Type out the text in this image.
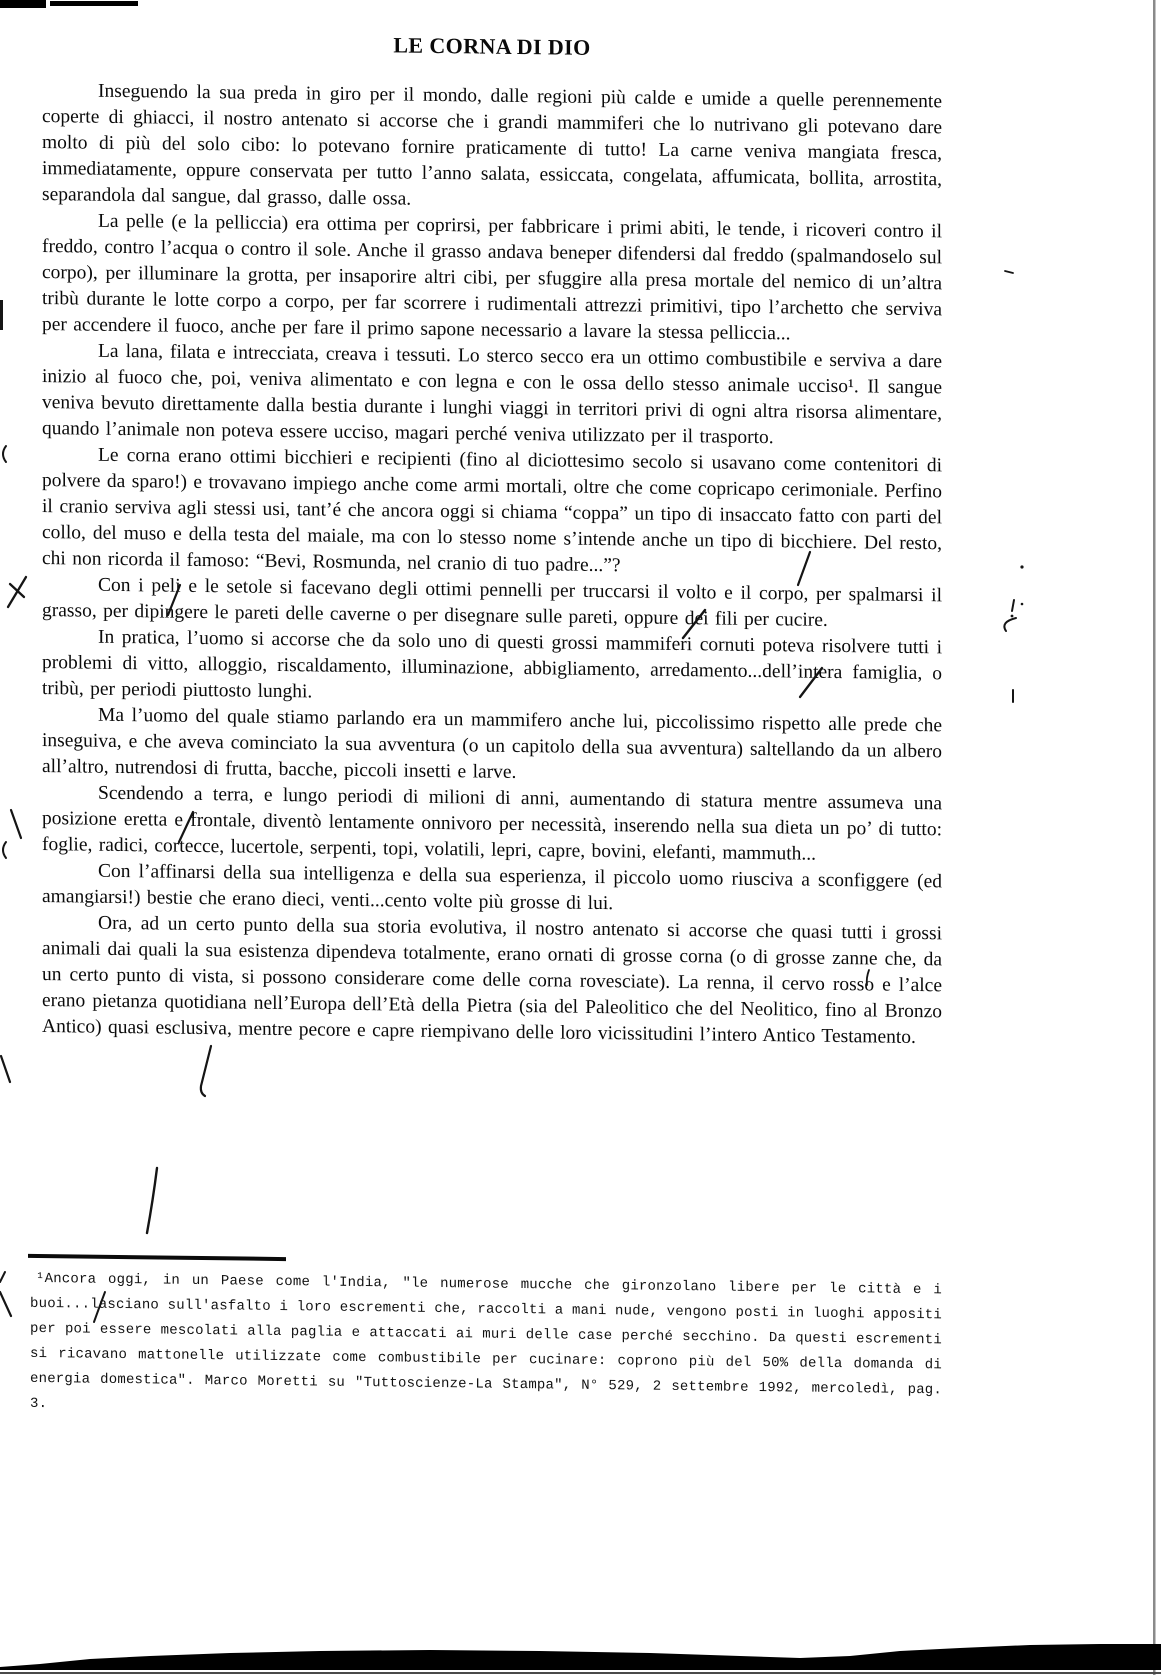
LE CORNA DI DIO

Inseguendo la sua preda in giro per il mondo, dalle regioni più calde e umide a quelle perennemente coperte di ghiacci, il nostro antenato si accorse che i grandi mammiferi che lo nutrivano gli potevano dare molto di più del solo cibo: lo potevano fornire praticamente di tutto! La carne veniva mangiata fresca, immediatamente, oppure conservata per tutto l’anno salata, essiccata, congelata, affumicata, bollita, arrostita, separandola dal sangue, dal grasso, dalle ossa.

La pelle (e la pelliccia) era ottima per coprirsi, per fabbricare i primi abiti, le tende, i ricoveri contro il freddo, contro l’acqua o contro il sole. Anche il grasso andava beneper difendersi dal freddo (spalmandoselo sul corpo), per illuminare la grotta, per insaporire altri cibi, per sfuggire alla presa mortale del nemico di un’altra tribù durante le lotte corpo a corpo, per far scorrere i rudimentali attrezzi primitivi, tipo l’archetto che serviva per accendere il fuoco, anche per fare il primo sapone necessario a lavare la stessa pelliccia...

La lana, filata e intrecciata, creava i tessuti. Lo sterco secco era un ottimo combustibile e serviva a dare inizio al fuoco che, poi, veniva alimentato e con legna e con le ossa dello stesso animale ucciso¹. Il sangue veniva bevuto direttamente dalla bestia durante i lunghi viaggi in territori privi di ogni altra risorsa alimentare, quando l’animale non poteva essere ucciso, magari perché veniva utilizzato per il trasporto.

Le corna erano ottimi bicchieri e recipienti (fino al diciottesimo secolo si usavano come contenitori di polvere da sparo!) e trovavano impiego anche come armi mortali, oltre che come copricapo cerimoniale. Perfino il cranio serviva agli stessi usi, tant’é che ancora oggi si chiama “coppa” un tipo di insaccato fatto con parti del collo, del muso e della testa del maiale, ma con lo stesso nome s’intende anche un tipo di bicchiere. Del resto, chi non ricorda il famoso: “Bevi, Rosmunda, nel cranio di tuo padre...”?

Con i peli e le setole si facevano degli ottimi pennelli per truccarsi il volto e il corpo, per spalmarsi il grasso, per dipingere le pareti delle caverne o per disegnare sulle pareti, oppure dei fili per cucire.

In pratica, l’uomo si accorse che da solo uno di questi grossi mammiferi cornuti poteva risolvere tutti i problemi di vitto, alloggio, riscaldamento, illuminazione, abbigliamento, arredamento...dell’intera famiglia, o tribù, per periodi piuttosto lunghi.

Ma l’uomo del quale stiamo parlando era un mammifero anche lui, piccolissimo rispetto alle prede che inseguiva, e che aveva cominciato la sua avventura (o un capitolo della sua avventura) saltellando da un albero all’altro, nutrendosi di frutta, bacche, piccoli insetti e larve.

Scendendo a terra, e lungo periodi di milioni di anni, aumentando di statura mentre assumeva una posizione eretta e frontale, diventò lentamente onnivoro per necessità, inserendo nella sua dieta un po’ di tutto: foglie, radici, cortecce, lucertole, serpenti, topi, volatili, lepri, capre, bovini, elefanti, mammuth...

Con l’affinarsi della sua intelligenza e della sua esperienza, il piccolo uomo riusciva a sconfiggere (ed amangiarsi!) bestie che erano dieci, venti...cento volte più grosse di lui.

Ora, ad un certo punto della sua storia evolutiva, il nostro antenato si accorse che quasi tutti i grossi animali dai quali la sua esistenza dipendeva totalmente, erano ornati di grosse corna (o di grosse zanne che, da un certo punto di vista, si possono considerare come delle corna rovesciate). La renna, il cervo rosso e l’alce erano pietanza quotidiana nell’Europa dell’Età della Pietra (sia del Paleolitico che del Neolitico, fino al Bronzo Antico) quasi esclusiva, mentre pecore e capre riempivano delle loro vicissitudini l’intero Antico Testamento.

¹Ancora oggi, in un Paese come l'India, "le numerose mucche che gironzolano libere per le città e i buoi...lasciano sull'asfalto i loro escrementi che, raccolti a mani nude, vengono posti in luoghi appositi per poi essere mescolati alla paglia e attaccati ai muri delle case perché secchino. Da questi escrementi si ricavano mattonelle utilizzate come combustibile per cucinare: coprono più del 50% della domanda di energia domestica". Marco Moretti su "Tuttoscienze-La Stampa", N° 529, 2 settembre 1992, mercoledì, pag. 3.
